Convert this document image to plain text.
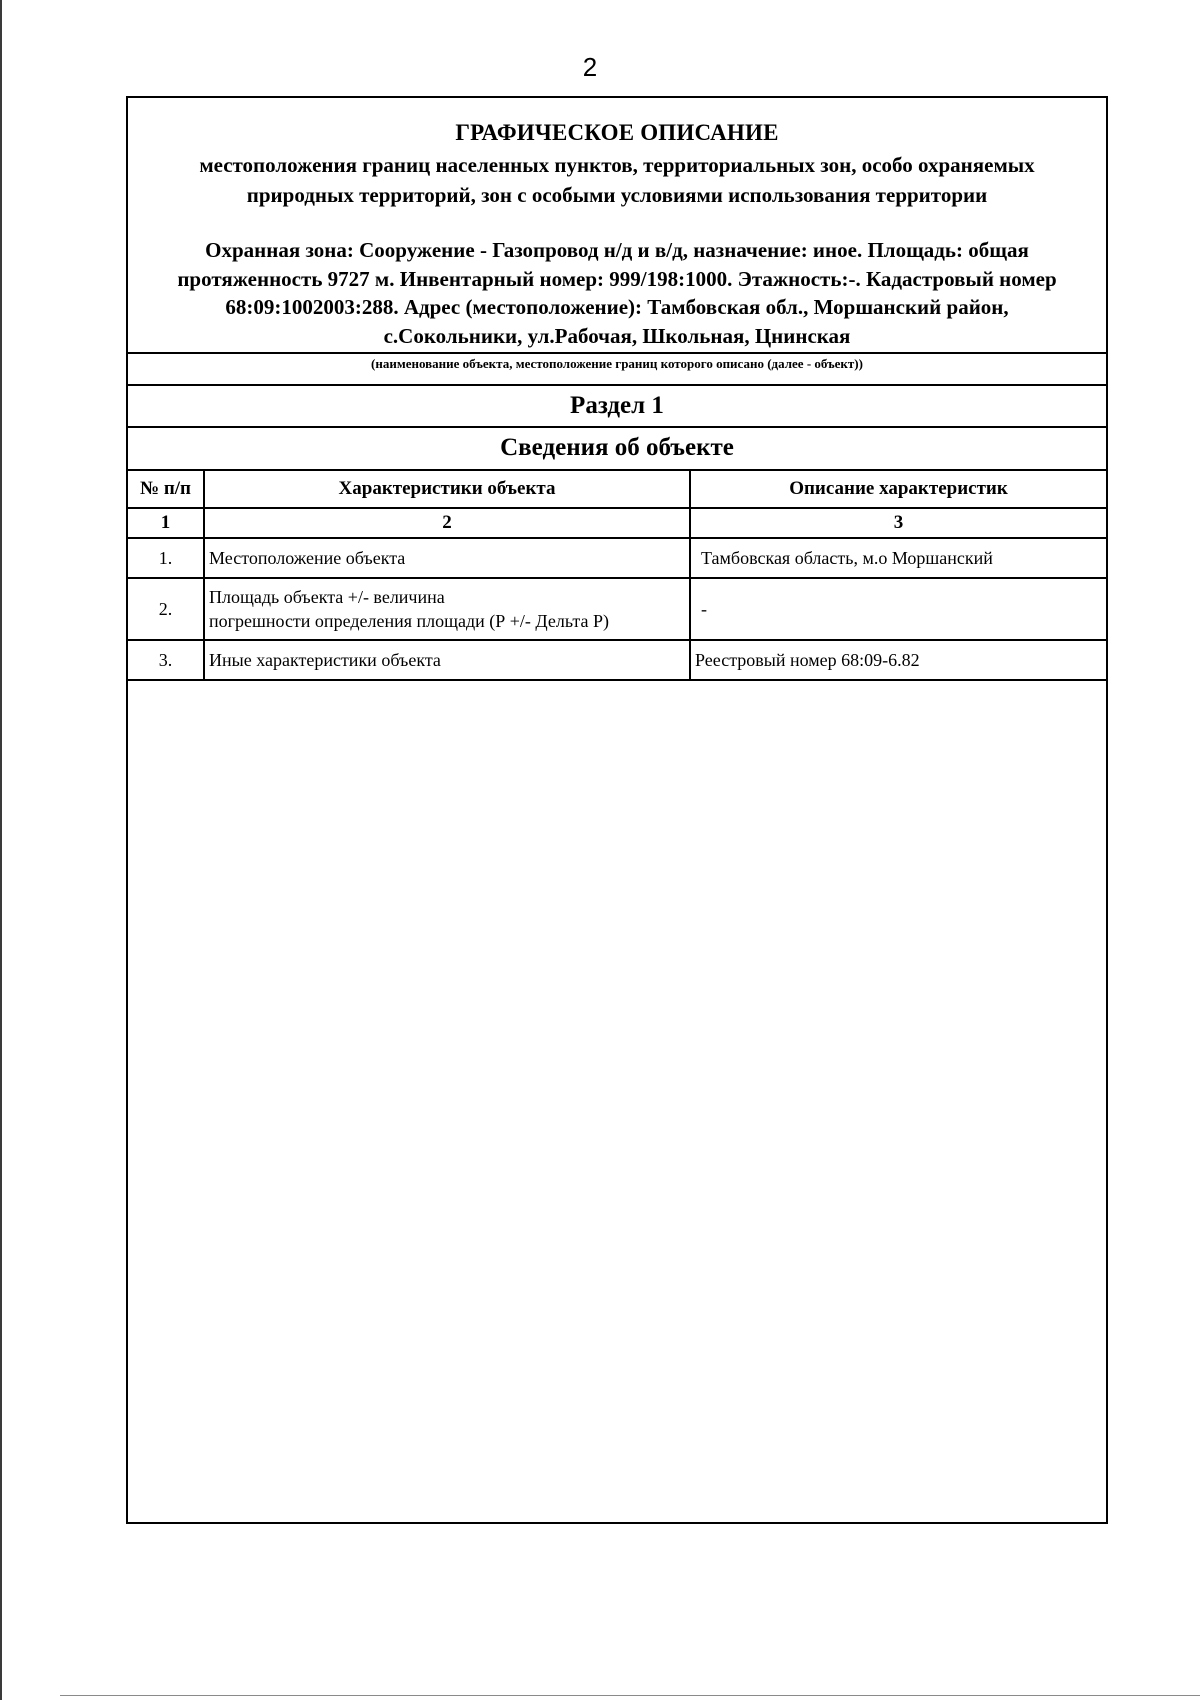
2
ГРАФИЧЕСКОЕ ОПИСАНИЕ
местоположения границ населенных пунктов, территориальных зон, особо охраняемых
природных территорий, зон с особыми условиями использования территории
Охранная зона: Сооружение - Газопровод н/д и в/д, назначение: иное. Площадь: общая
протяженность 9727 м. Инвентарный номер: 999/198:1000. Этажность:-. Кадастровый номер
68:09:1002003:288. Адрес (местоположение): Тамбовская обл., Моршанский район,
с.Сокольники, ул.Рабочая, Школьная, Цнинская
(наименование объекта, местоположение границ которого описано (далее - объект))
Раздел 1
Сведения об объекте
№ п/п	Характеристики объекта	Описание характеристик
1	2	3
1.	Местоположение объекта	Тамбовская область, м.о Моршанский
2.	Площадь объекта +/- величина
погрешности определения площади (Р +/- Дельта Р)	-
3.	Иные характеристики объекта	Реестровый номер 68:09-6.82
